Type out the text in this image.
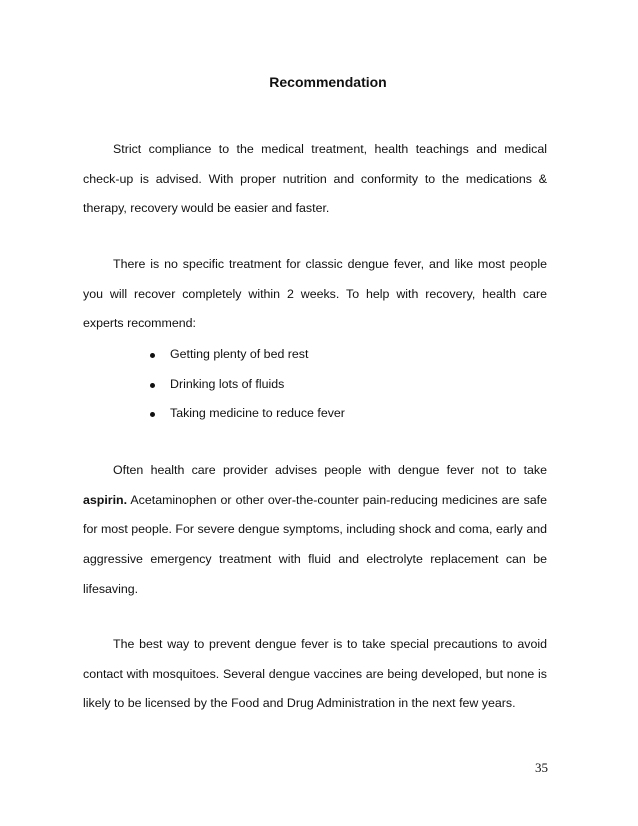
Recommendation

Strict compliance to the medical treatment, health teachings and medical check-up is advised. With proper nutrition and conformity to the medications & therapy, recovery would be easier and faster.

There is no specific treatment for classic dengue fever, and like most people you will recover completely within 2 weeks. To help with recovery, health care experts recommend:

Getting plenty of bed rest
Drinking lots of fluids
Taking medicine to reduce fever

Often health care provider advises people with dengue fever not to take aspirin. Acetaminophen or other over-the-counter pain-reducing medicines are safe for most people. For severe dengue symptoms, including shock and coma, early and aggressive emergency treatment with fluid and electrolyte replacement can be lifesaving.

The best way to prevent dengue fever is to take special precautions to avoid contact with mosquitoes. Several dengue vaccines are being developed, but none is likely to be licensed by the Food and Drug Administration in the next few years.

35
